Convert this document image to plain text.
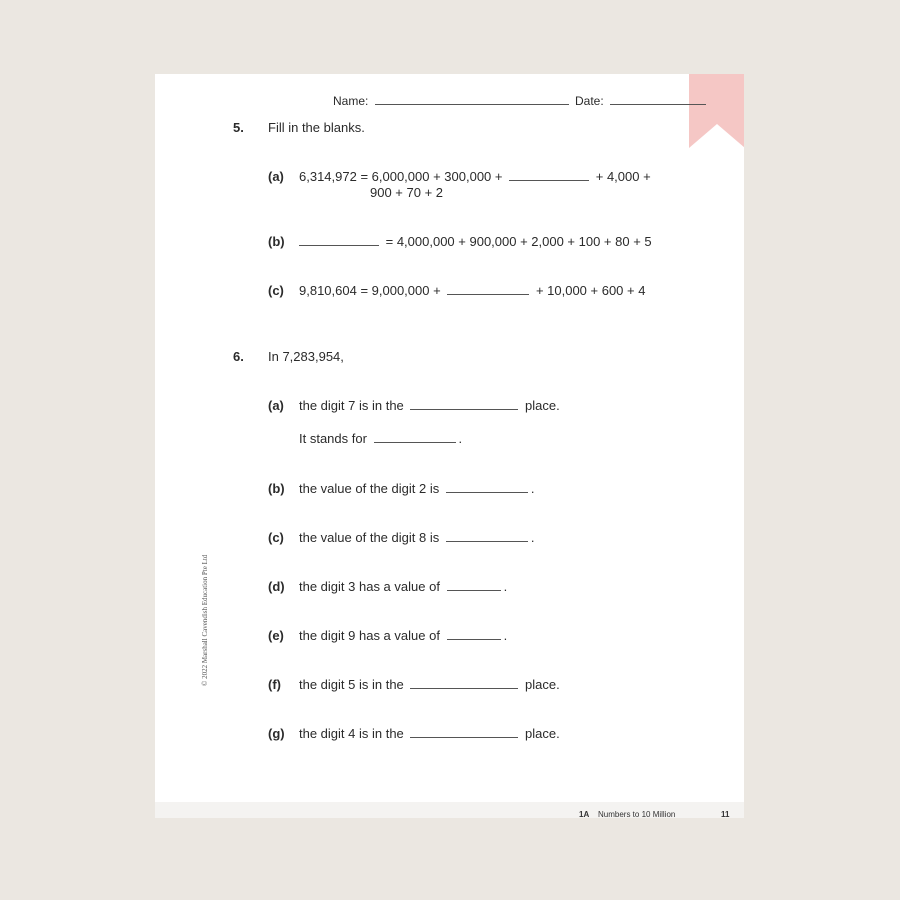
Name:	Date:
5. Fill in the blanks.
(a) 6,314,972 = 6,000,000 + 300,000 +	+ 4,000 +
900 + 70 + 2
(b)	= 4,000,000 + 900,000 + 2,000 + 100 + 80 + 5
(c) 9,810,604 = 9,000,000 +	+ 10,000 + 600 + 4
6. In 7,283,954,
(a) the digit 7 is in the	place.
It stands for	.
(b) the value of the digit 2 is	.
(c) the value of the digit 8 is	.
(d) the digit 3 has a value of	.
(e) the digit 9 has a value of	.
(f) the digit 5 is in the	place.
(g) the digit 4 is in the	place.
© 2022 Marshall Cavendish Education Pte Ltd
1A Numbers to 10 Million	11
